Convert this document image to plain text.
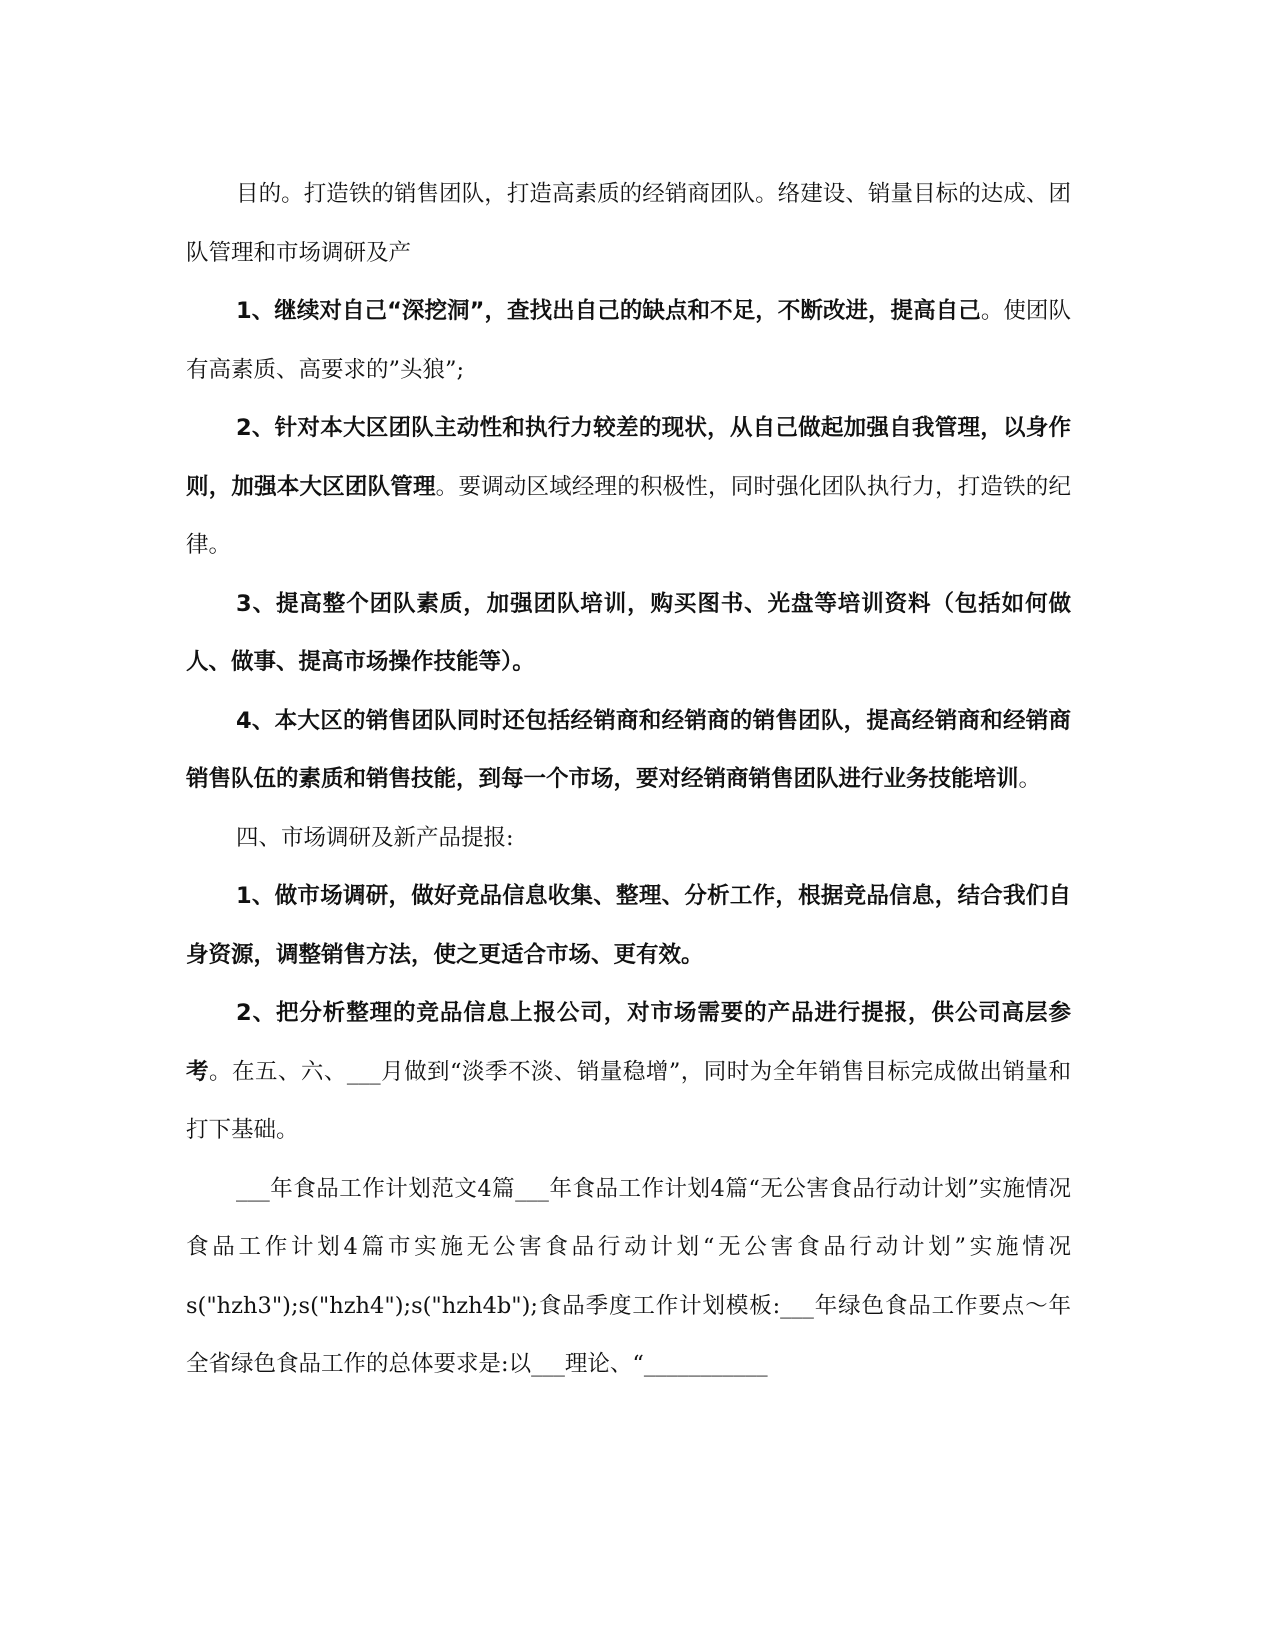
目的。打造铁的销售团队，打造高素质的经销商团队。络建设、销量目标的达成、团队管理和市场调研及产

1、继续对自己“深挖洞”，查找出自己的缺点和不足，不断改进，提高自己。使团队有高素质、高要求的”头狼”;

2、针对本大区团队主动性和执行力较差的现状，从自己做起加强自我管理，以身作则，加强本大区团队管理。要调动区域经理的积极性，同时强化团队执行力，打造铁的纪律。

3、提高整个团队素质，加强团队培训，购买图书、光盘等培训资料（包括如何做人、做事、提高市场操作技能等）。

4、本大区的销售团队同时还包括经销商和经销商的销售团队，提高经销商和经销商销售队伍的素质和销售技能，到每一个市场，要对经销商销售团队进行业务技能培训。

四、市场调研及新产品提报:

1、做市场调研，做好竞品信息收集、整理、分析工作，根据竞品信息，结合我们自身资源，调整销售方法，使之更适合市场、更有效。

2、把分析整理的竞品信息上报公司，对市场需要的产品进行提报，供公司高层参考。在五、六、___月做到“淡季不淡、销量稳增”，同时为全年销售目标完成做出销量和打下基础。

___年食品工作计划范文4篇___年食品工作计划4篇“无公害食品行动计划”实施情况食品工作计划4篇市实施无公害食品行动计划“无公害食品行动计划”实施情况s("hzh3");s("hzh4");s("hzh4b");食品季度工作计划模板:___年绿色食品工作要点～年全省绿色食品工作的总体要求是:以___理论、“___________
